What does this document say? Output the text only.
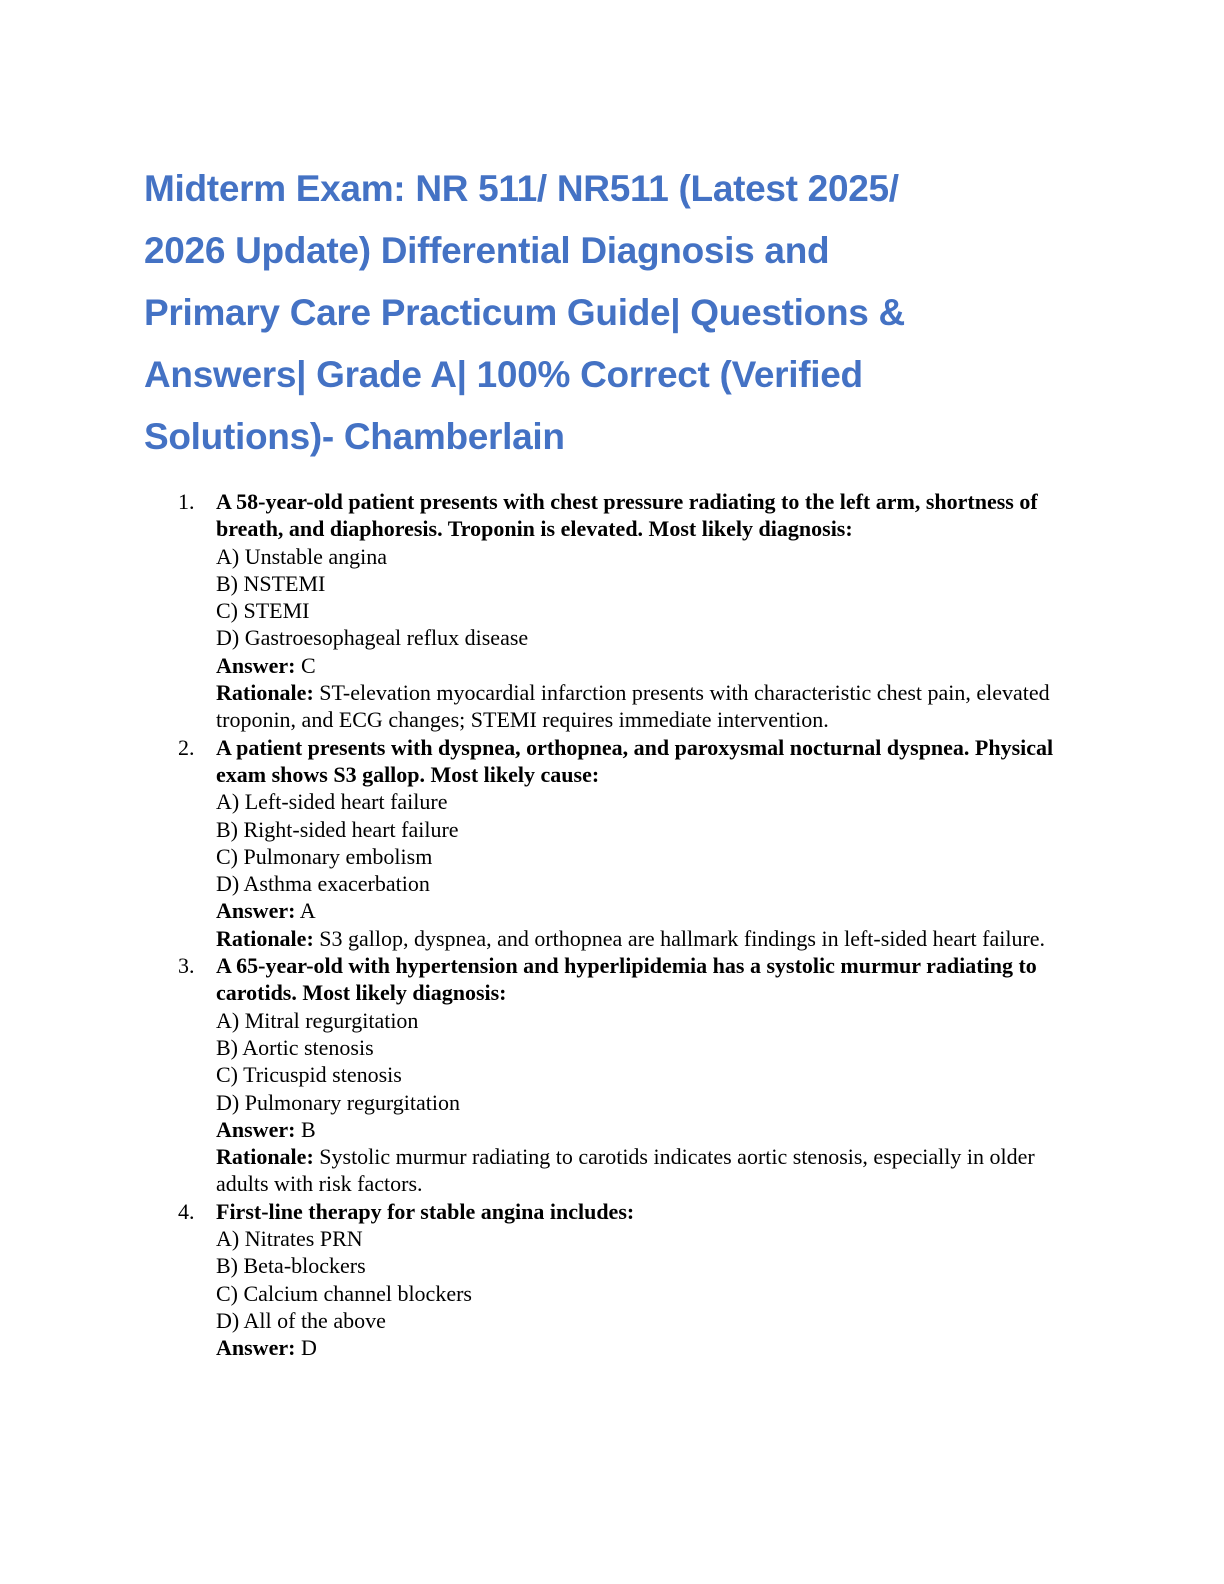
Midterm Exam: NR 511/ NR511 (Latest 2025/
2026 Update) Differential Diagnosis and
Primary Care Practicum Guide| Questions &
Answers| Grade A| 100% Correct (Verified
Solutions)- Chamberlain
1. A 58-year-old patient presents with chest pressure radiating to the left arm, shortness of breath, and diaphoresis. Troponin is elevated. Most likely diagnosis:
A) Unstable angina
B) NSTEMI
C) STEMI
D) Gastroesophageal reflux disease
Answer: C
Rationale: ST-elevation myocardial infarction presents with characteristic chest pain, elevated troponin, and ECG changes; STEMI requires immediate intervention.
2. A patient presents with dyspnea, orthopnea, and paroxysmal nocturnal dyspnea. Physical exam shows S3 gallop. Most likely cause:
A) Left-sided heart failure
B) Right-sided heart failure
C) Pulmonary embolism
D) Asthma exacerbation
Answer: A
Rationale: S3 gallop, dyspnea, and orthopnea are hallmark findings in left-sided heart failure.
3. A 65-year-old with hypertension and hyperlipidemia has a systolic murmur radiating to carotids. Most likely diagnosis:
A) Mitral regurgitation
B) Aortic stenosis
C) Tricuspid stenosis
D) Pulmonary regurgitation
Answer: B
Rationale: Systolic murmur radiating to carotids indicates aortic stenosis, especially in older adults with risk factors.
4. First-line therapy for stable angina includes:
A) Nitrates PRN
B) Beta-blockers
C) Calcium channel blockers
D) All of the above
Answer: D
